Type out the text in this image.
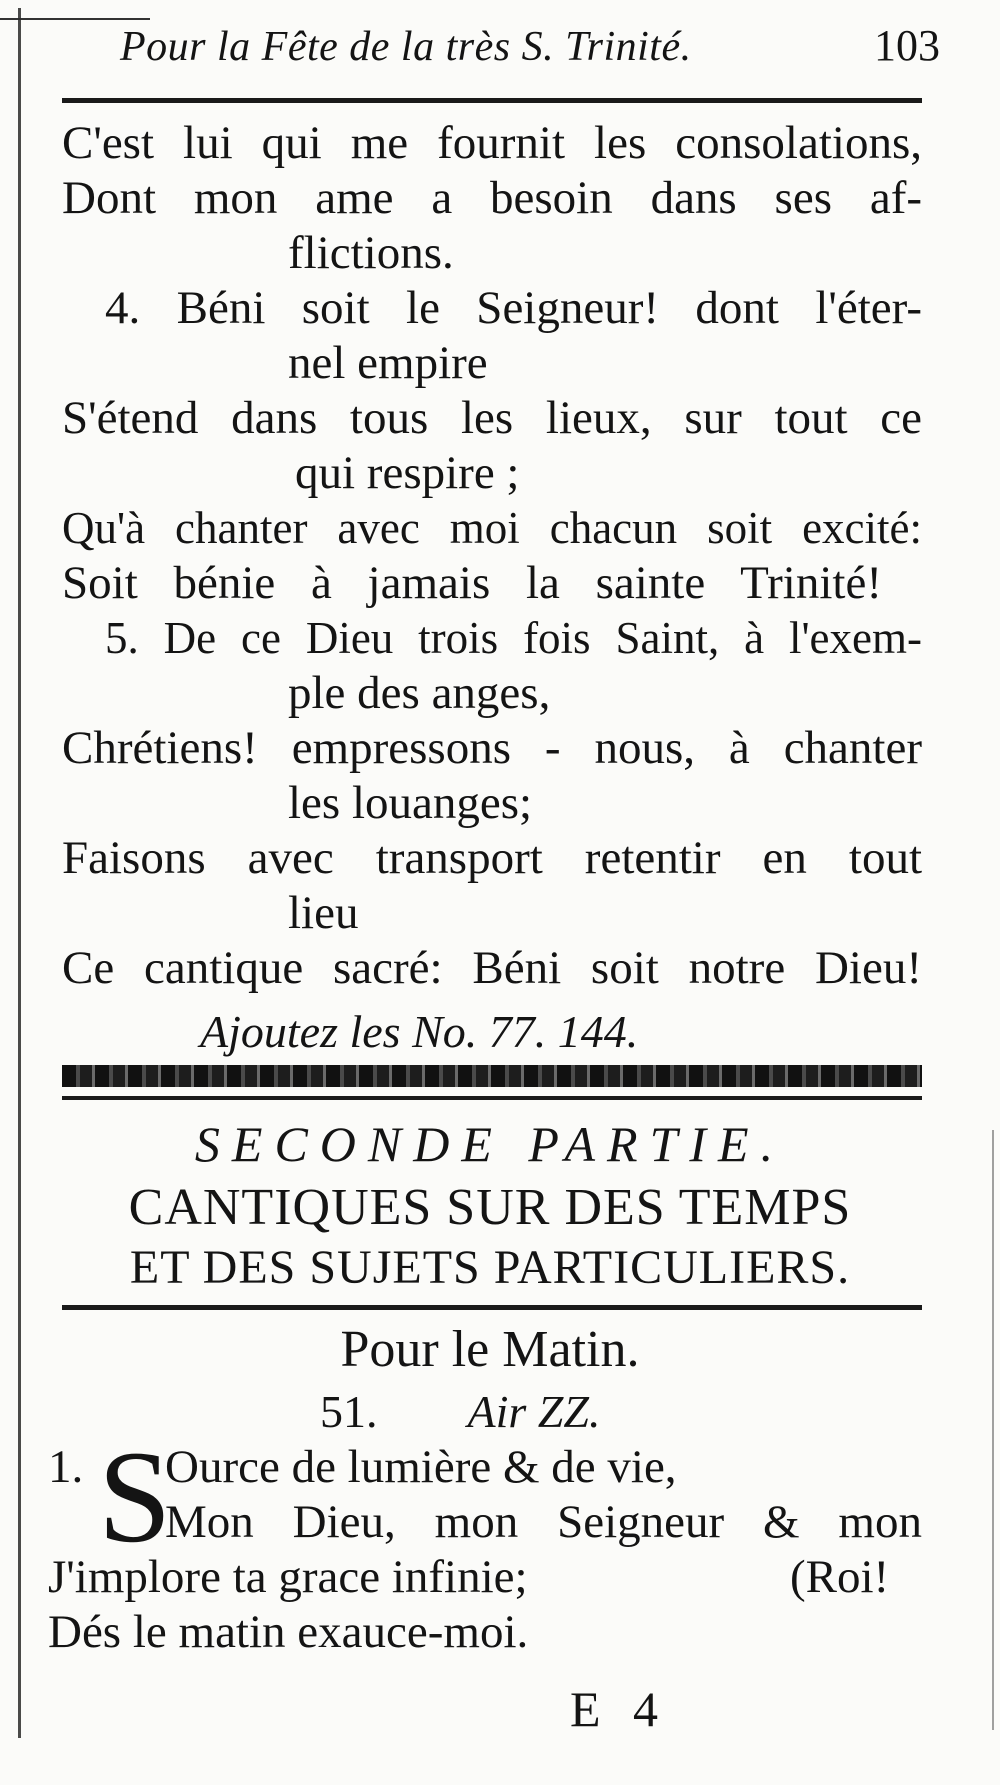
Pour la Fête de la très S. Trinité.	103
C'est lui qui me fournit les consolations,
Dont mon ame a besoin dans ses af-
flictions.
4. Béni soit le Seigneur! dont l'éter-
nel empire
S'étend dans tous les lieux, sur tout ce
qui respire ;
Qu'à chanter avec moi chacun soit excité:
Soit bénie à jamais la sainte Trinité!
5. De ce Dieu trois fois Saint, à l'exem-
ple des anges,
Chrétiens! empressons - nous, à chanter
les louanges;
Faisons avec transport retentir en tout
lieu
Ce cantique sacré: Béni soit notre Dieu!
Ajoutez les No. 77. 144.
SECONDE PARTIE.
CANTIQUES SUR DES TEMPS
ET DES SUJETS PARTICULIERS.
Pour le Matin.
51. Air ZZ.
1. S
Ource de lumière & de vie,
Mon Dieu, mon Seigneur & mon
J'implore ta grace infinie;	(Roi!
Dés le matin exauce-moi.
E 4
